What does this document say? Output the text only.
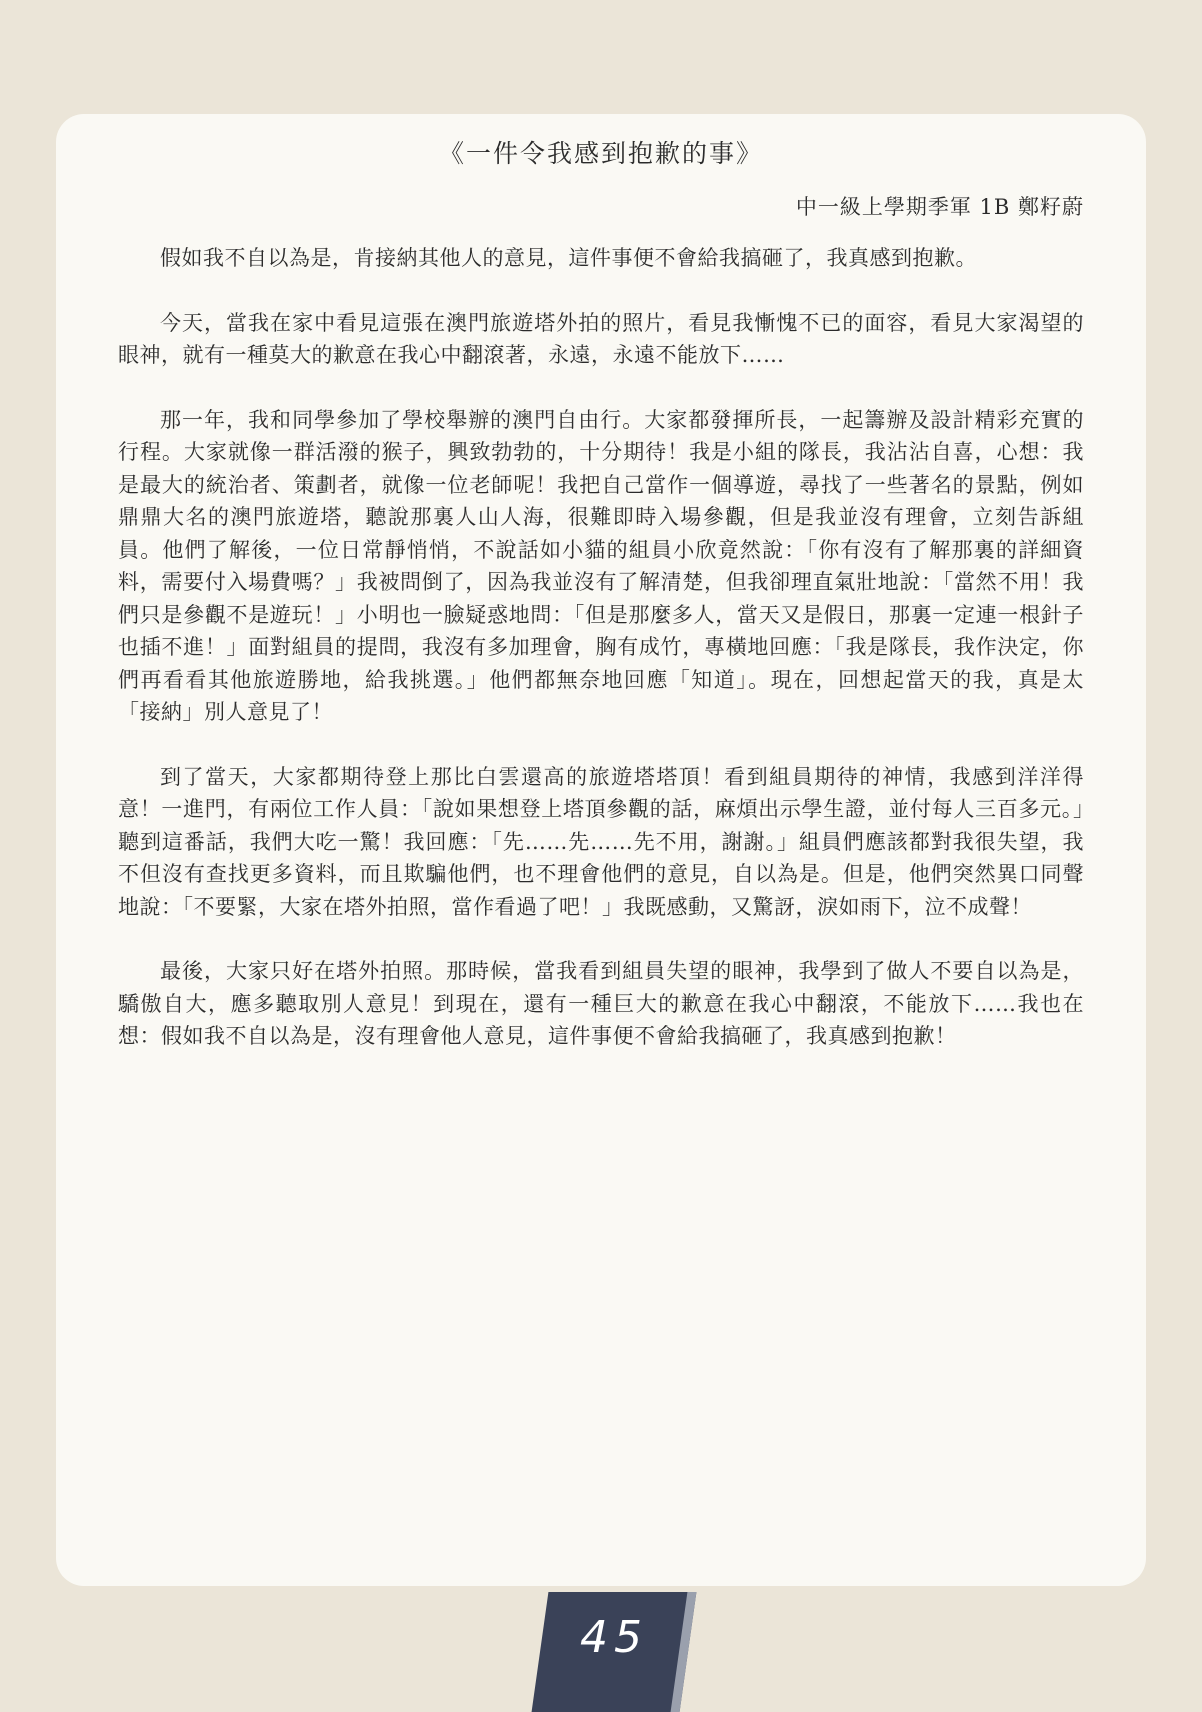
《一件令我感到抱歉的事》
中一級上學期季軍 1B 鄭籽蔚

假如我不自以為是，肯接納其他人的意見，這件事便不會給我搞砸了，我真感到抱歉。

今天，當我在家中看見這張在澳門旅遊塔外拍的照片，看見我慚愧不已的面容，看見大家渴望的眼神，就有一種莫大的歉意在我心中翻滾著，永遠，永遠不能放下……

那一年，我和同學參加了學校舉辦的澳門自由行。大家都發揮所長，一起籌辦及設計精彩充實的行程。大家就像一群活潑的猴子，興致勃勃的，十分期待！我是小組的隊長，我沾沾自喜，心想：我是最大的統治者、策劃者，就像一位老師呢！我把自己當作一個導遊，尋找了一些著名的景點，例如鼎鼎大名的澳門旅遊塔，聽說那裏人山人海，很難即時入場參觀，但是我並沒有理會，立刻告訴組員。他們了解後，一位日常靜悄悄，不說話如小貓的組員小欣竟然說：「你有沒有了解那裏的詳細資料，需要付入場費嗎？」我被問倒了，因為我並沒有了解清楚，但我卻理直氣壯地說：「當然不用！我們只是參觀不是遊玩！」小明也一臉疑惑地問：「但是那麼多人，當天又是假日，那裏一定連一根針子也插不進！」面對組員的提問，我沒有多加理會，胸有成竹，專橫地回應：「我是隊長，我作決定，你們再看看其他旅遊勝地，給我挑選。」他們都無奈地回應「知道」。現在，回想起當天的我，真是太「接納」別人意見了！

到了當天，大家都期待登上那比白雲還高的旅遊塔塔頂！看到組員期待的神情，我感到洋洋得意！一進門，有兩位工作人員：「說如果想登上塔頂參觀的話，麻煩出示學生證，並付每人三百多元。」聽到這番話，我們大吃一驚！我回應：「先……先……先不用，謝謝。」組員們應該都對我很失望，我不但沒有查找更多資料，而且欺騙他們，也不理會他們的意見，自以為是。但是，他們突然異口同聲地說：「不要緊，大家在塔外拍照，當作看過了吧！」我既感動，又驚訝，淚如雨下，泣不成聲！

最後，大家只好在塔外拍照。那時候，當我看到組員失望的眼神，我學到了做人不要自以為是，驕傲自大，應多聽取別人意見！到現在，還有一種巨大的歉意在我心中翻滾，不能放下……我也在想：假如我不自以為是，沒有理會他人意見，這件事便不會給我搞砸了，我真感到抱歉！

45
